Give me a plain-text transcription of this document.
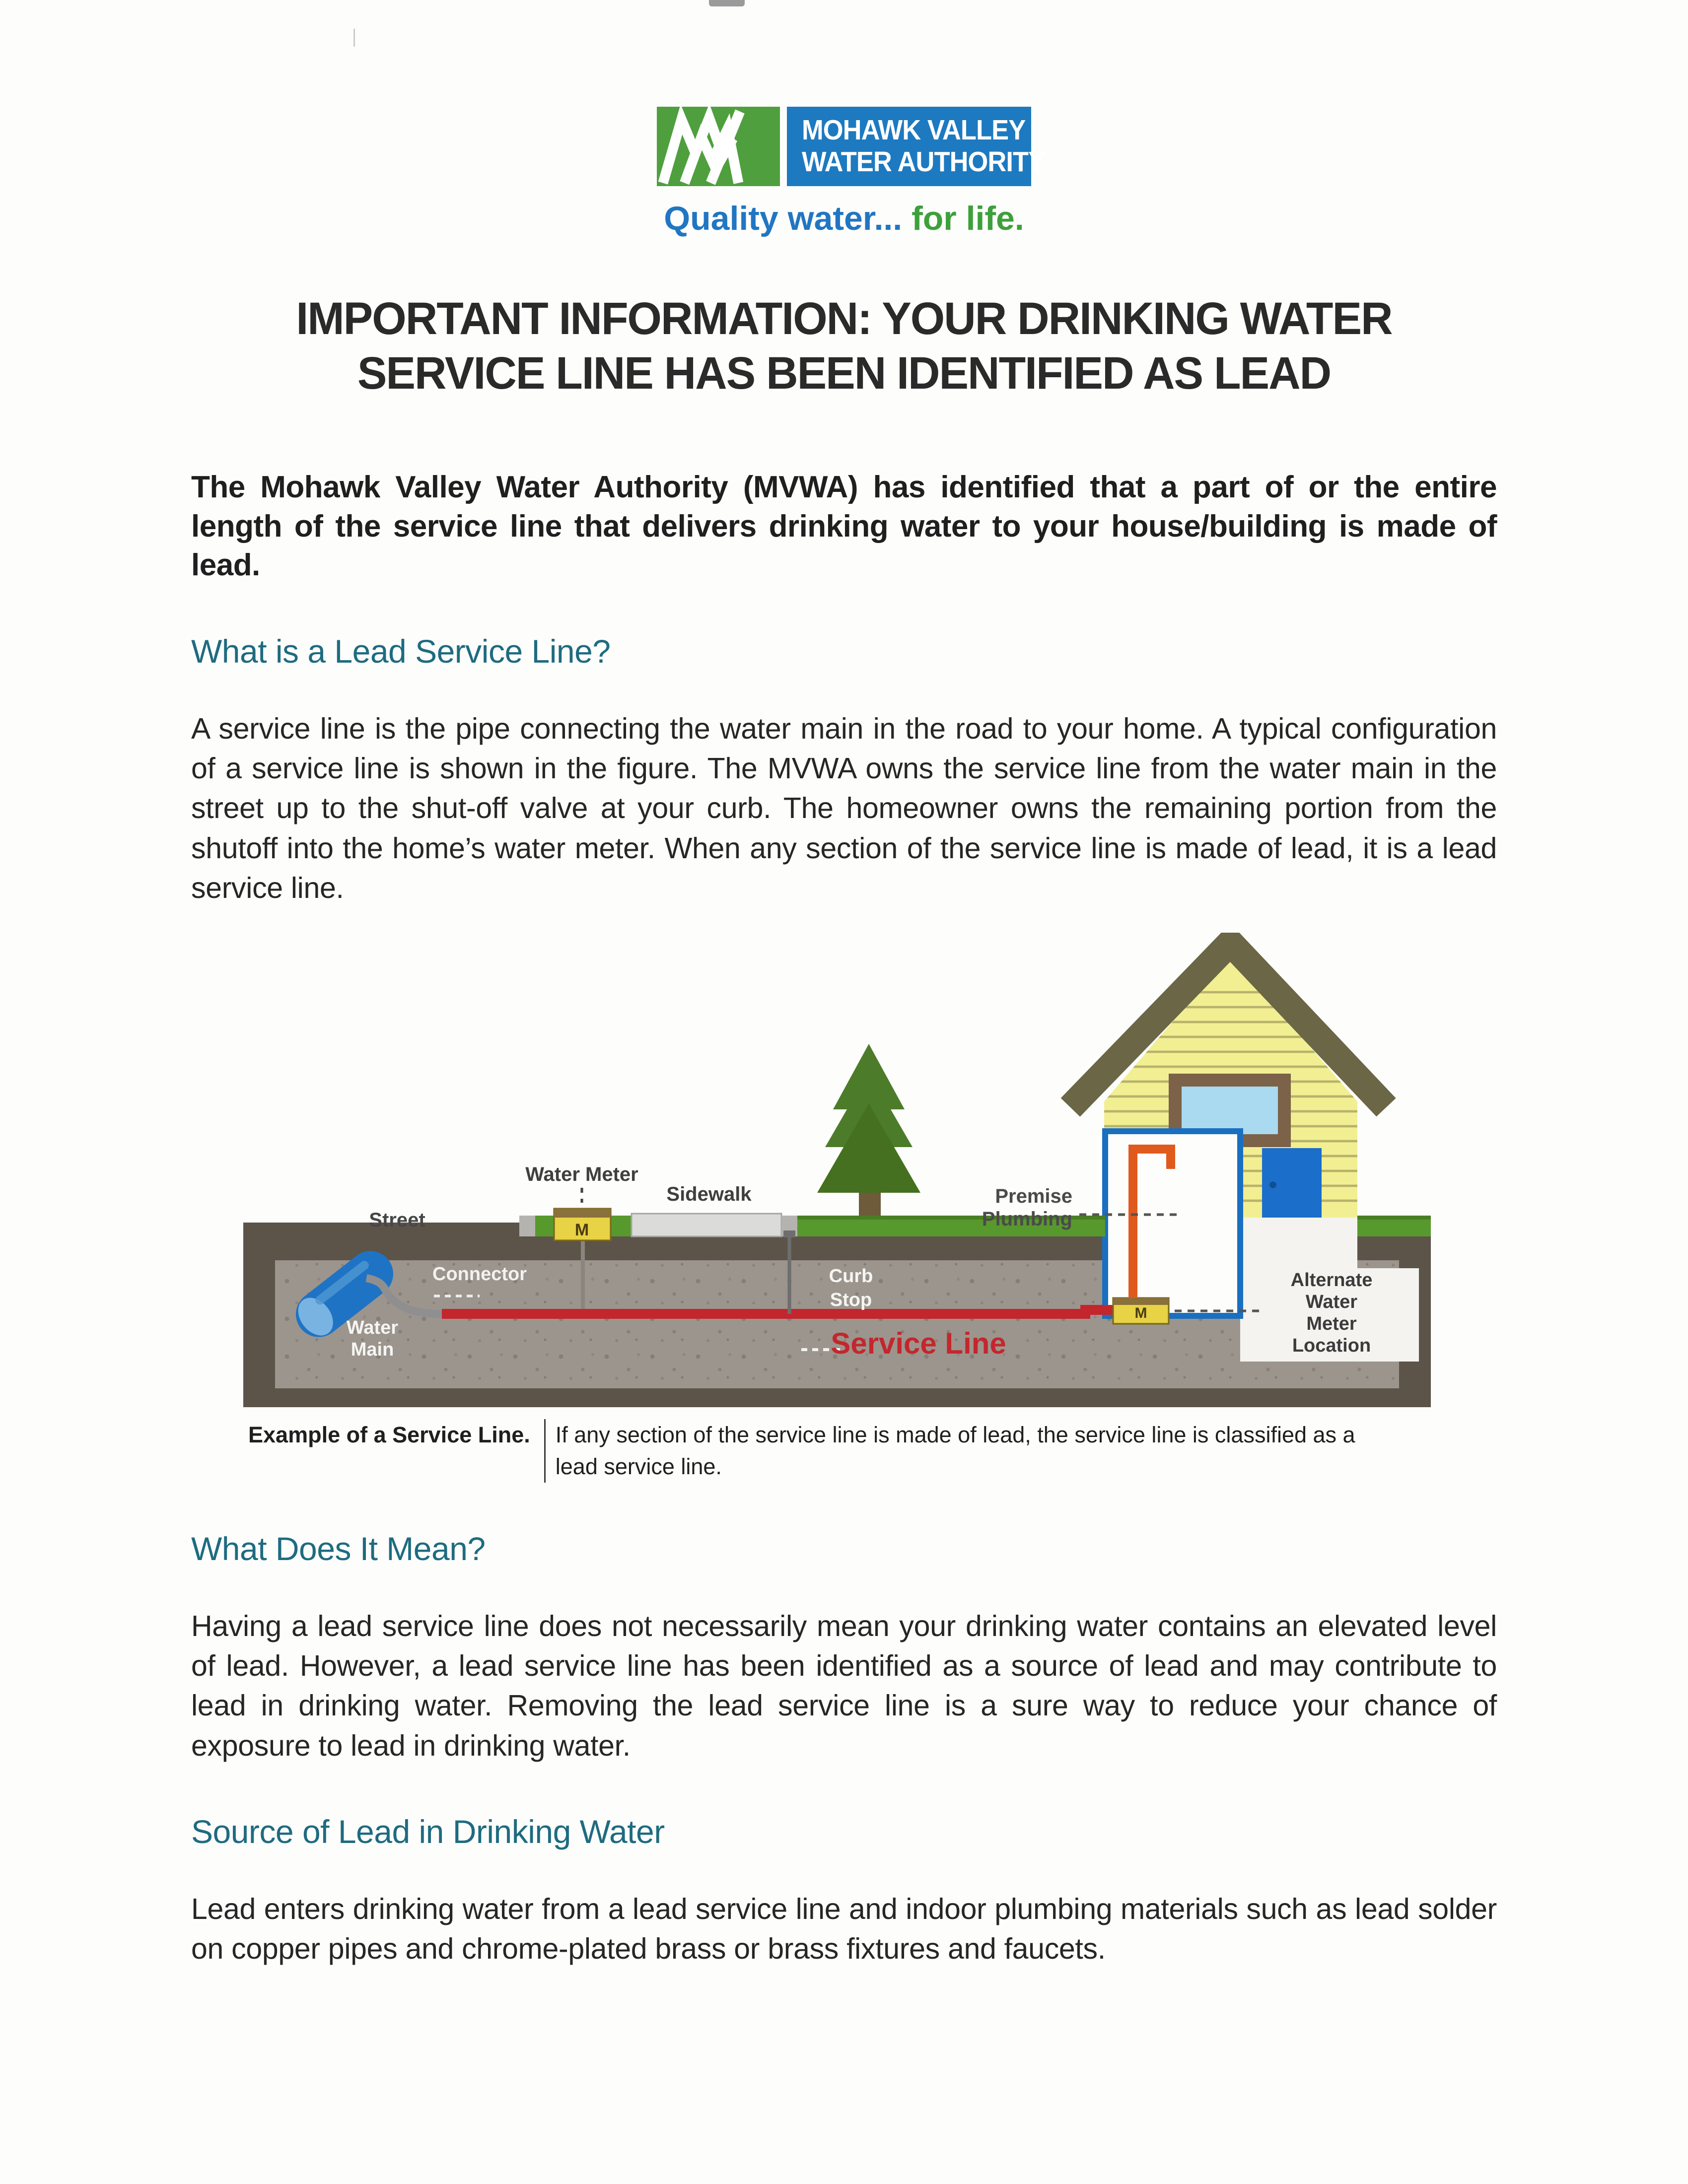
MOHAWK VALLEY
WATER AUTHORITY
Quality water... for life.
IMPORTANT INFORMATION: YOUR DRINKING WATER
SERVICE LINE HAS BEEN IDENTIFIED AS LEAD

The Mohawk Valley Water Authority (MVWA) has identified that a part of or the entire length of the service line that delivers drinking water to your house/building is made of lead.

What is a Lead Service Line?

A service line is the pipe connecting the water main in the road to your home. A typical configuration of a service line is shown in the figure. The MVWA owns the service line from the water main in the street up to the shut-off valve at your curb. The homeowner owns the remaining portion from the shutoff into the home’s water meter. When any section of the service line is made of lead, it is a lead service line.

M
M
Street
Water Meter
Sidewalk
Connector
Water
Main
Curb
Stop
Service Line
Premise
Plumbing
Alternate
Water
Meter
Location
Example of a Service Line.	If any section of the service line is made of lead, the service line is classified as a lead service line.
What Does It Mean?

Having a lead service line does not necessarily mean your drinking water contains an elevated level of lead. However, a lead service line has been identified as a source of lead and may contribute to lead in drinking water. Removing the lead service line is a sure way to reduce your chance of exposure to lead in drinking water.

Source of Lead in Drinking Water

Lead enters drinking water from a lead service line and indoor plumbing materials such as lead solder on copper pipes and chrome-plated brass or brass fixtures and faucets.
